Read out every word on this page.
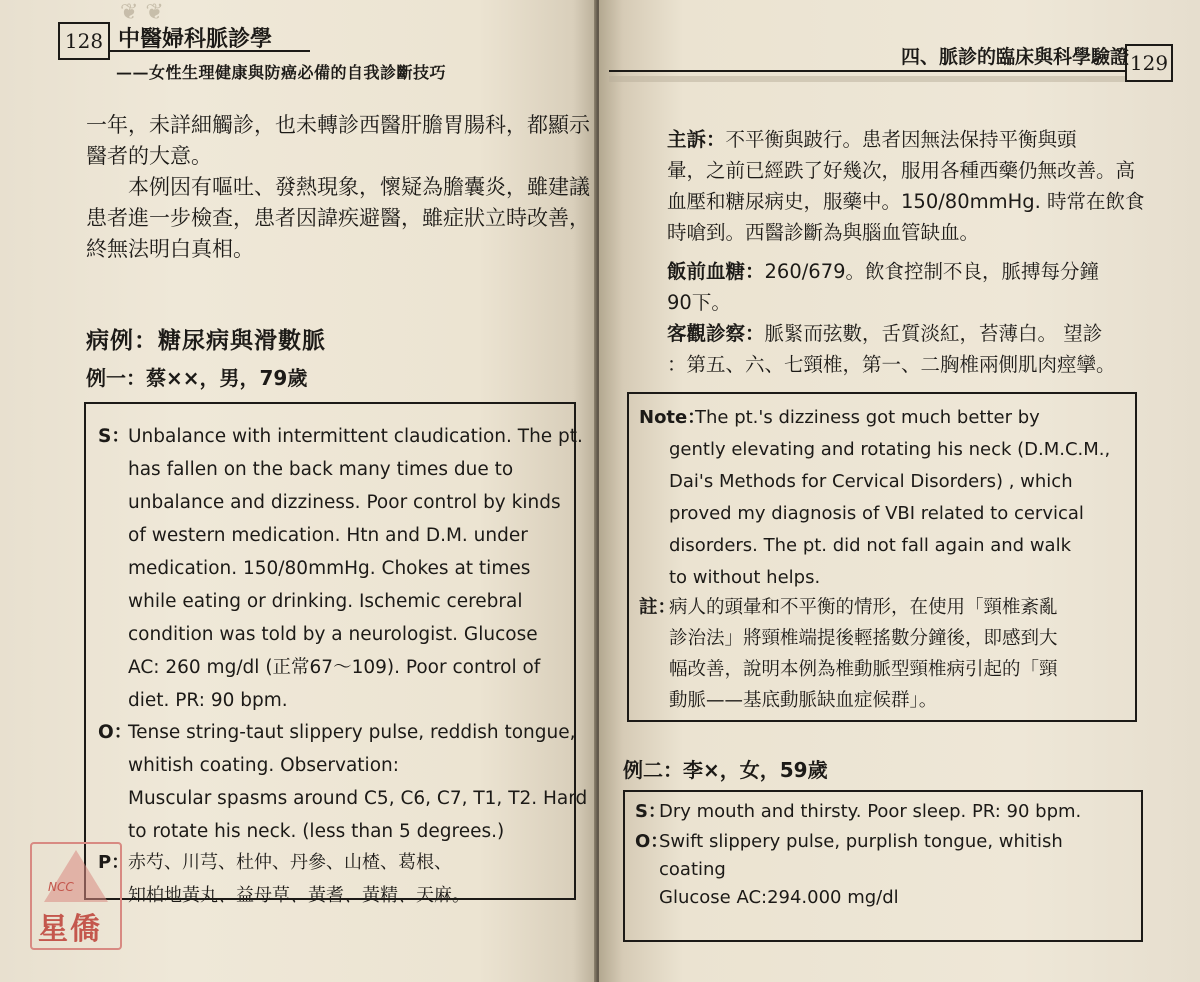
❦ ❦
128 中醫婦科脈診學
——女性生理健康與防癌必備的自我診斷技巧
一年，未詳細觸診，也未轉診西醫肝膽胃腸科，都顯示
醫者的大意。
　　本例因有嘔吐、發熱現象，懷疑為膽囊炎，雖建議
患者進一步檢查，患者因諱疾避醫，雖症狀立時改善，
終無法明白真相。
病例：糖尿病與滑數脈
例一：蔡××，男，79歲
S：
Unbalance with intermittent claudication. The pt.
has fallen on the back many times due to
unbalance and dizziness. Poor control by kinds
of western medication. Htn and D.M. under
medication. 150/80mmHg. Chokes at times
while eating or drinking. Ischemic cerebral
condition was told by a neurologist. Glucose
AC: 260 mg/dl (正常67～109). Poor control of
diet. PR: 90 bpm.
O：
Tense string-taut slippery pulse, reddish tongue,
whitish coating. Observation:
Muscular spasms around C5, C6, C7, T1, T2. Hard
to rotate his neck. (less than 5 degrees.)
P：
赤芍、川芎、杜仲、丹參、山楂、葛根、
知柏地黃丸、益母草、黃耆、黃精、天麻。
NCC
星僑
四、脈診的臨床與科學驗證 129
主訴：不平衡與跛行。患者因無法保持平衡與頭
暈，之前已經跌了好幾次，服用各種西藥仍無改善。高
血壓和糖尿病史，服藥中。150/80mmHg. 時常在飲食
時嗆到。西醫診斷為與腦血管缺血。
飯前血糖：260/679。飲食控制不良，脈搏每分鐘
90下。
客觀診察：脈緊而弦數，舌質淡紅，苔薄白。 望診
：第五、六、七頸椎，第一、二胸椎兩側肌肉痙攣。
Note：
The pt.'s dizziness got much better by
gently elevating and rotating his neck (D.M.C.M.,
Dai's Methods for Cervical Disorders) , which
proved my diagnosis of VBI related to cervical
disorders. The pt. did not fall again and walk
to without helps.
註：
病人的頭暈和不平衡的情形，在使用「頸椎紊亂
診治法」將頸椎端提後輕搖數分鐘後，即感到大
幅改善，說明本例為椎動脈型頸椎病引起的「頸
動脈——基底動脈缺血症候群」。
例二：李×，女，59歲
S：
Dry mouth and thirsty. Poor sleep. PR: 90 bpm.
O：
Swift slippery pulse, purplish tongue, whitish
coating
Glucose AC:294.000 mg/dl
